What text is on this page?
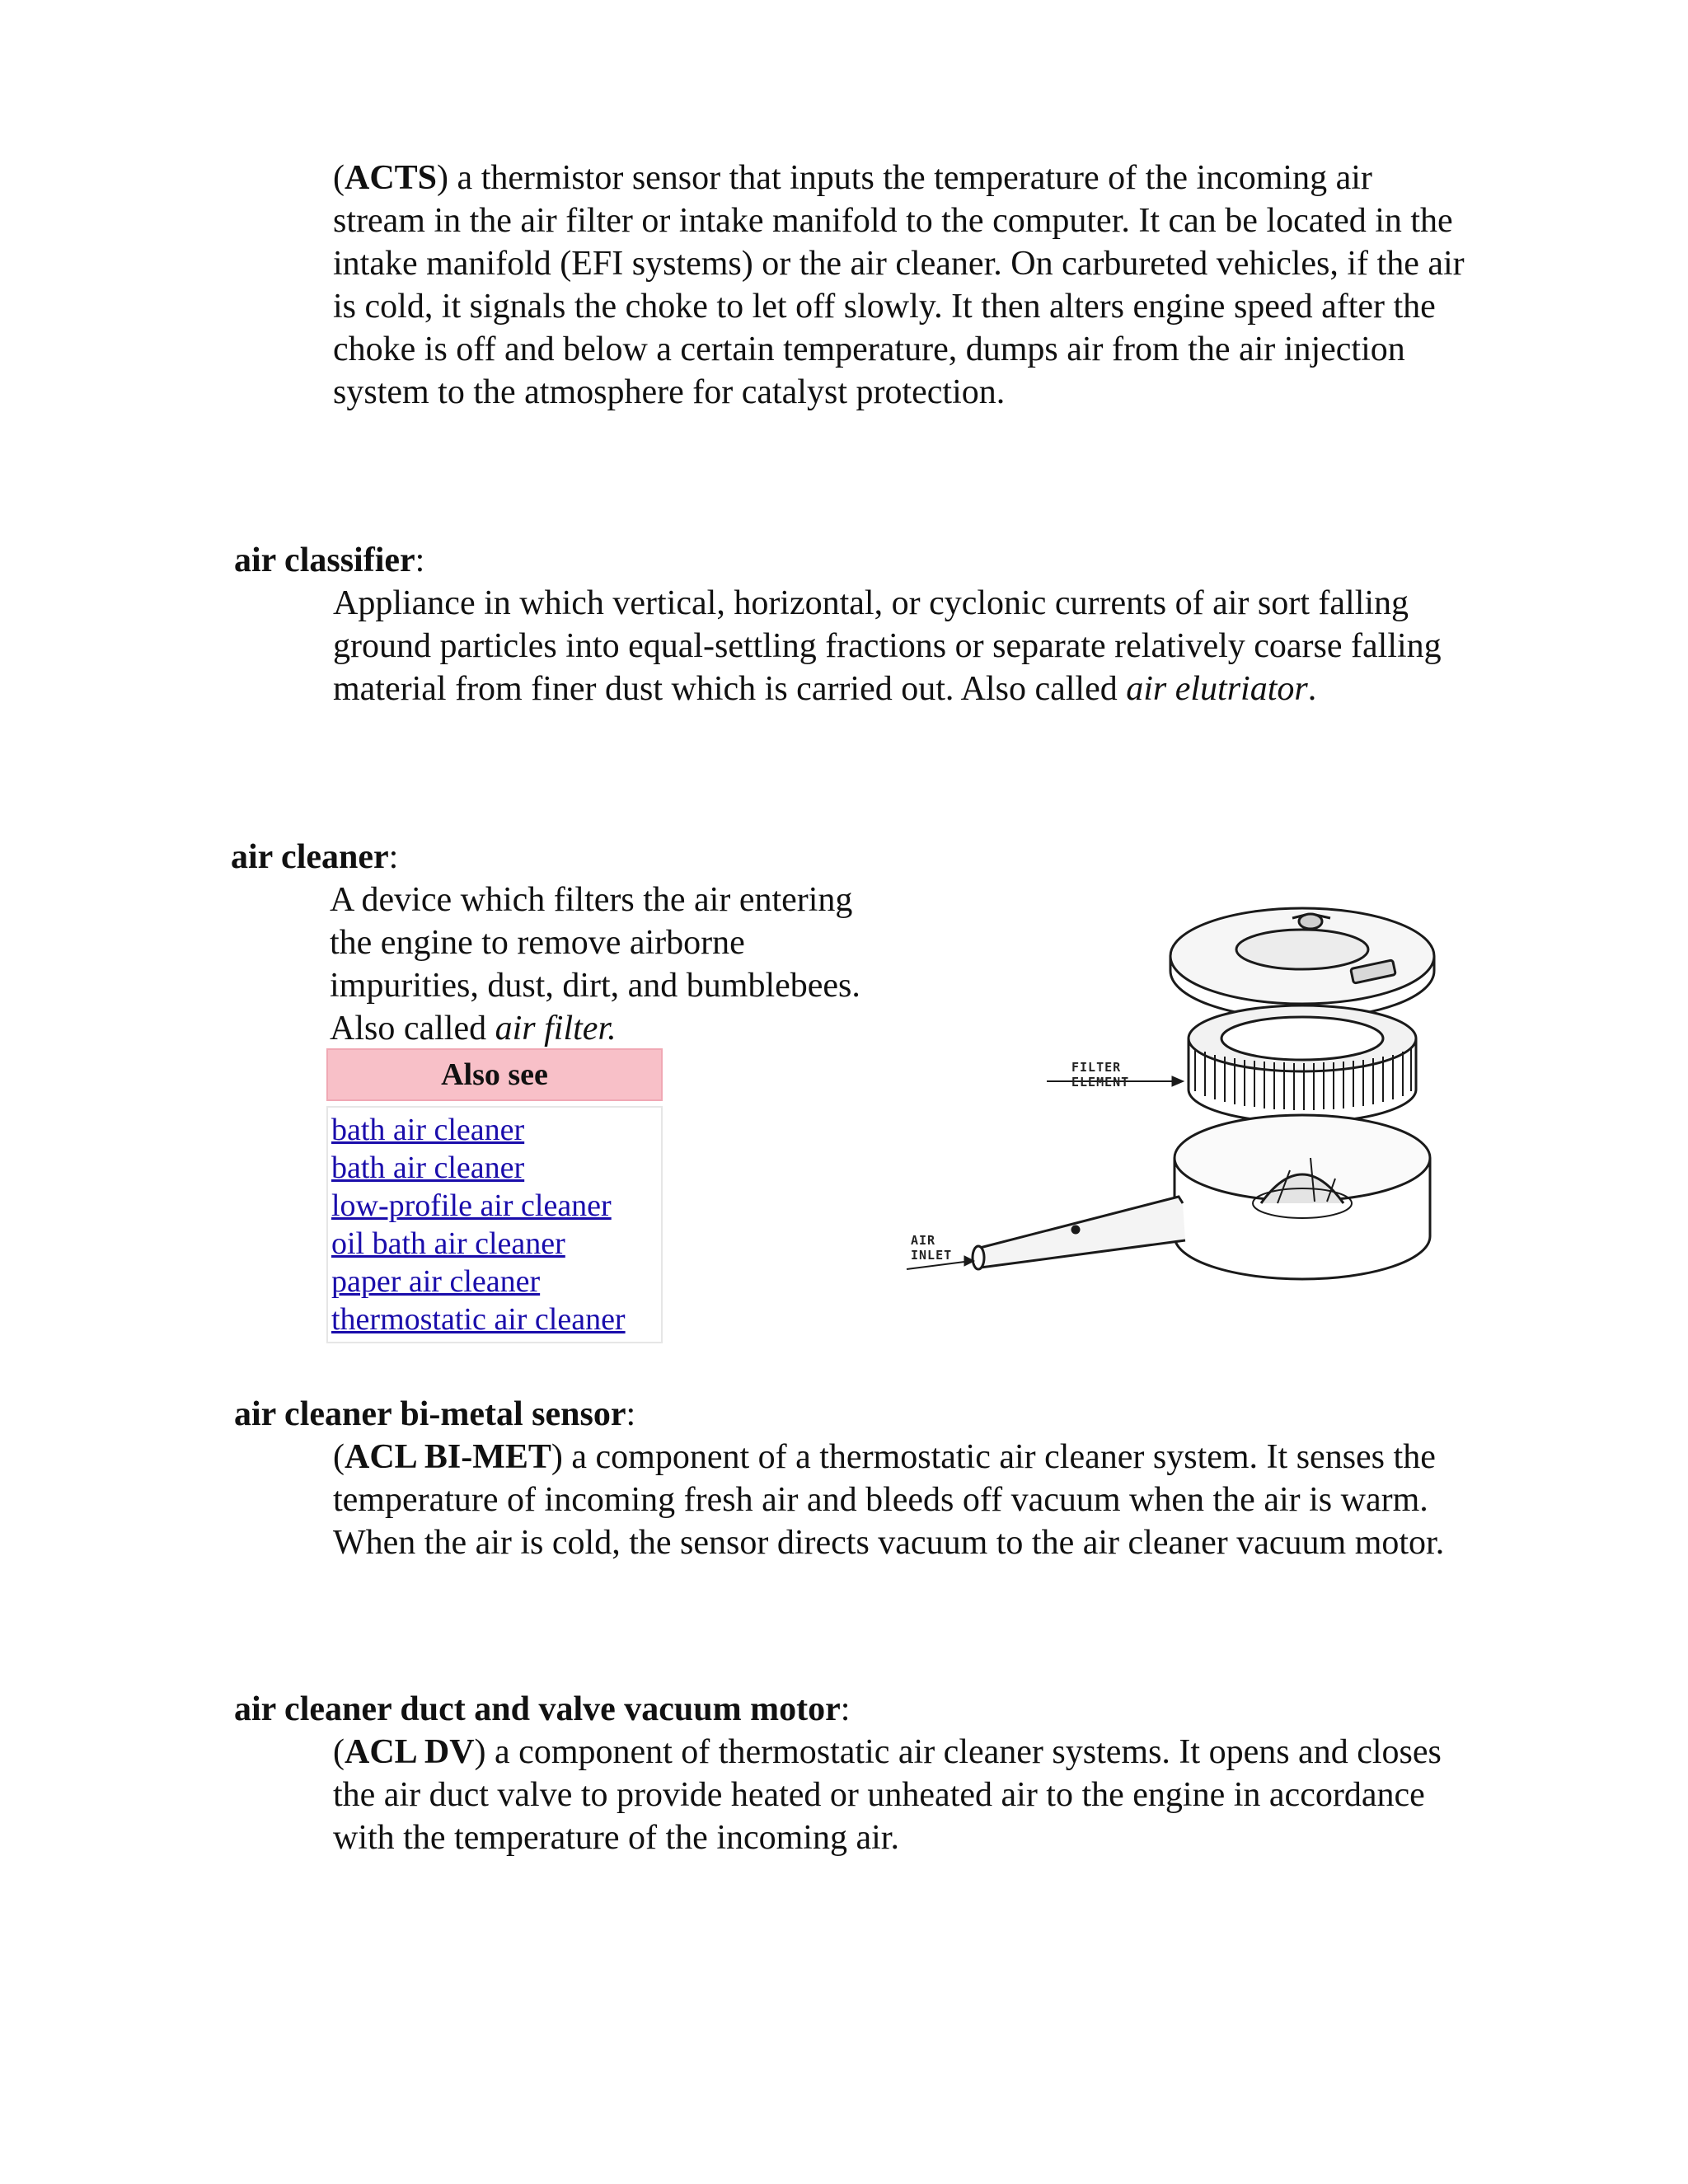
(ACTS) a thermistor sensor that inputs the temperature of the incoming air stream in the air filter or intake manifold to the computer. It can be located in the intake manifold (EFI systems) or the air cleaner. On carbureted vehicles, if the air is cold, it signals the choke to let off slowly. It then alters engine speed after the choke is off and below a certain temperature, dumps air from the air injection system to the atmosphere for catalyst protection.

air classifier:

Appliance in which vertical, horizontal, or cyclonic currents of air sort falling ground particles into equal-settling fractions or separate relatively coarse falling material from finer dust which is carried out. Also called air elutriator.

air cleaner:

A device which filters the air entering the engine to remove airborne impurities, dust, dirt, and bumblebees. Also called air filter.

Also see
bath air cleaner
bath air cleaner
low-profile air cleaner
oil bath air cleaner
paper air cleaner
thermostatic air cleaner
FILTER
ELEMENT
AIR
INLET
air cleaner bi-metal sensor:

(ACL BI-MET) a component of a thermostatic air cleaner system. It senses the temperature of incoming fresh air and bleeds off vacuum when the air is warm. When the air is cold, the sensor directs vacuum to the air cleaner vacuum motor.

air cleaner duct and valve vacuum motor:

(ACL DV) a component of thermostatic air cleaner systems. It opens and closes the air duct valve to provide heated or unheated air to the engine in accordance with the temperature of the incoming air.
